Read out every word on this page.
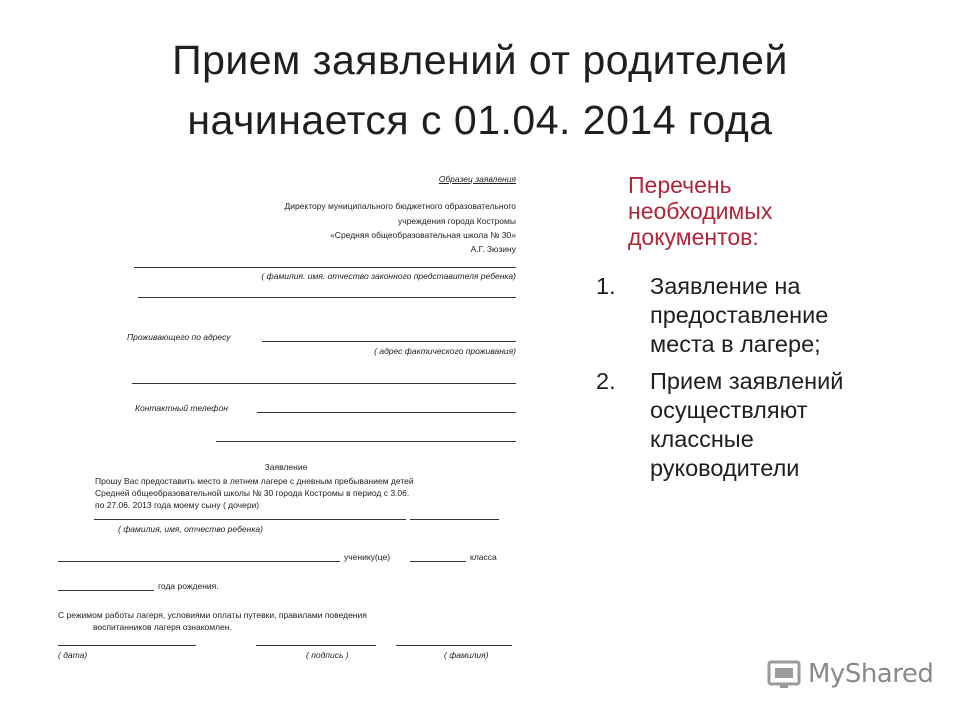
Прием заявлений от родителей
начинается с 01.04. 2014 года
Образец заявления
Директору муниципального бюджетного образовательного
учреждения города Костромы
«Средняя общеобразовательная школа № 30»
А.Г. Зюзину
( фамилия. имя. отчество законного представителя ребенка)
Проживающего по адресу
( адрес фактического проживания)
Контактный телефон
Заявление
Прошу Вас предоставить место в летнем лагере с дневным пребыванием детей
Средней общеобразовательной школы № 30 города Костромы в период с 3.06.
по 27.06. 2013 года моему сыну ( дочери)
( фамилия, имя, отчество ребенка)
ученику(це)	класса
года рождения.
С режимом работы лагеря, условиями оплаты путевки, правилами поведения
воспитанников лагеря ознакомлен.
( дата)	( подпись )	( фамилия)
Перечень
необходимых
документов:
1.	Заявление на
предоставление
места в лагере;
2.	Прием заявлений
осуществляют
классные
руководители
MyShared
